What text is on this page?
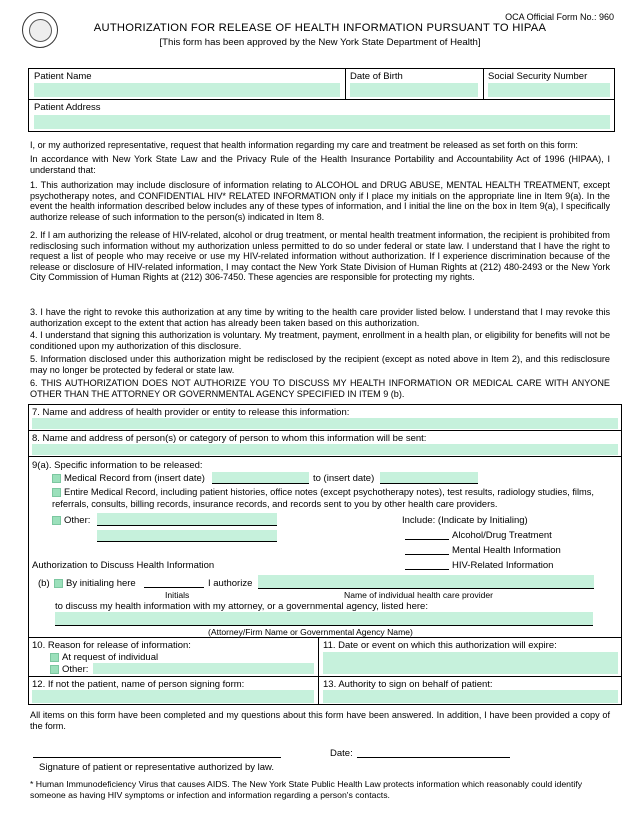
OCA Official Form No.: 960
AUTHORIZATION FOR RELEASE OF HEALTH INFORMATION PURSUANT TO HIPAA
[This form has been approved by the New York State Department of Health]
Patient Name	Date of Birth	Social Security Number
Patient Address
I, or my authorized representative, request that health information regarding my care and treatment be released as set forth on this form:
In accordance with New York State Law and the Privacy Rule of the Health Insurance Portability and Accountability Act of 1996 (HIPAA), I understand that:
1. This authorization may include disclosure of information relating to ALCOHOL and DRUG ABUSE, MENTAL HEALTH TREATMENT, except psychotherapy notes, and CONFIDENTIAL HIV* RELATED INFORMATION only if I place my initials on the appropriate line in Item 9(a). In the event the health information described below includes any of these types of information, and I initial the line on the box in Item 9(a), I specifically authorize release of such information to the person(s) indicated in Item 8.
2. If I am authorizing the release of HIV-related, alcohol or drug treatment, or mental health treatment information, the recipient is prohibited from redisclosing such information without my authorization unless permitted to do so under federal or state law. I understand that I have the right to request a list of people who may receive or use my HIV-related information without authorization. If I experience discrimination because of the release or disclosure of HIV-related information, I may contact the New York State Division of Human Rights at (212) 480-2493 or the New York City Commission of Human Rights at (212) 306-7450. These agencies are responsible for protecting my rights.
3. I have the right to revoke this authorization at any time by writing to the health care provider listed below. I understand that I may revoke this authorization except to the extent that action has already been taken based on this authorization.
4. I understand that signing this authorization is voluntary. My treatment, payment, enrollment in a health plan, or eligibility for benefits will not be conditioned upon my authorization of this disclosure.
5. Information disclosed under this authorization might be redisclosed by the recipient (except as noted above in Item 2), and this redisclosure may no longer be protected by federal or state law.
6. THIS AUTHORIZATION DOES NOT AUTHORIZE YOU TO DISCUSS MY HEALTH INFORMATION OR MEDICAL CARE WITH ANYONE OTHER THAN THE ATTORNEY OR GOVERNMENTAL AGENCY SPECIFIED IN ITEM 9 (b).
7. Name and address of health provider or entity to release this information:
8. Name and address of person(s) or category of person to whom this information will be sent:
9(a). Specific information to be released:
Medical Record from (insert date)	to (insert date)
Entire Medical Record, including patient histories, office notes (except psychotherapy notes), test results, radiology studies, films, referrals, consults, billing records, insurance records, and records sent to you by other health care providers.
Other:	Include: (Indicate by Initialing)
Alcohol/Drug Treatment
Mental Health Information
HIV-Related Information
Authorization to Discuss Health Information
(b)	By initialing here	I authorize
Initials	Name of individual health care provider
to discuss my health information with my attorney, or a governmental agency, listed here:
(Attorney/Firm Name or Governmental Agency Name)
10. Reason for release of information:
At request of individual
Other:
11. Date or event on which this authorization will expire:
12. If not the patient, name of person signing form:	13. Authority to sign on behalf of patient:
All items on this form have been completed and my questions about this form have been answered. In addition, I have been provided a copy of the form.
Date:
Signature of patient or representative authorized by law.
* Human Immunodeficiency Virus that causes AIDS. The New York State Public Health Law protects information which reasonably could identify someone as having HIV symptoms or infection and information regarding a person's contacts.
